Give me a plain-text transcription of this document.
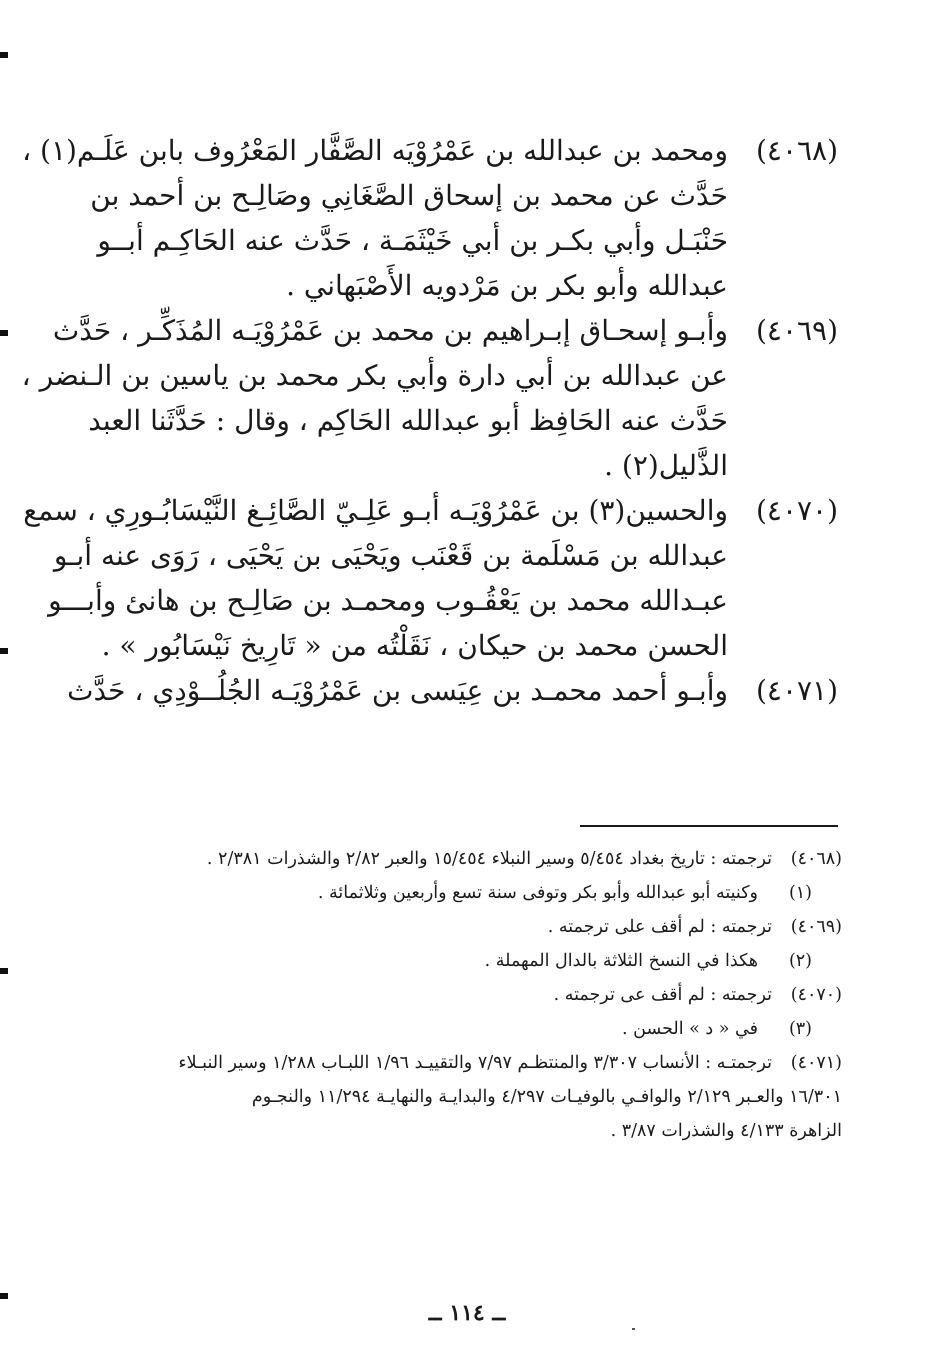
(٤٠٦٨)
ومحمد بن عبدالله بن عَمْرُوْيَه الصَّفَّار المَعْرُوف بابن عَلَـم(١) ،
حَدَّث عن محمد بن إسحاق الصَّغَانِي وصَالِـح بن أحمد بن
حَنْبَـل وأبي بكـر بن أبي خَيْثَمَـة ، حَدَّث عنه الحَاكِـم أبــو
عبدالله وأبو بكر بن مَرْدويه الأَصْبَهاني .
(٤٠٦٩)
وأبـو إسحـاق إبـراهيم بن محمد بن عَمْرُوْيَـه المُذَكِّـر ، حَدَّث
عن عبدالله بن أبي دارة وأبي بكر محمد بن ياسين بن الـنضر ،
حَدَّث عنه الحَافِظ أبو عبدالله الحَاكِم ، وقال : حَدَّثَنا العبد
الذَّليل(٢) .
(٤٠٧٠)
والحسين(٣) بن عَمْرُوْيَـه أبـو عَلِـيّ الصَّائِـغ النَّيْسَابُـورِي ، سمع
عبدالله بن مَسْلَمة بن قَعْنَب ويَحْيَى بن يَحْيَى ، رَوَى عنه أبـو
عبـدالله محمد بن يَعْقُـوب ومحمـد بن صَالِـح بن هانئ وأبـــو
الحسن محمد بن حيكان ، نَقَلْتُه من « تَارِيخ نَيْسَابُور » .
(٤٠٧١)
وأبـو أحمد محمـد بن عِيَسى بن عَمْرُوْيَـه الجُلُــوْدِي ، حَدَّث
(٤٠٦٨)
ترجمته : تاريخ بغداد ٥/٤٥٤ وسير النبلاء ١٥/٤٥٤ والعبر ٢/٨٢ والشذرات ٢/٣٨١ .
(١)
وكنيته أبو عبدالله وأبو بكر وتوفى سنة تسع وأربعين وثلاثمائة .
(٤٠٦٩)
ترجمته : لم أقف على ترجمته .
(٢)
هكذا في النسخ الثلاثة بالدال المهملة .
(٤٠٧٠)
ترجمته : لم أقف عى ترجمته .
(٣)
في « د » الحسن .
(٤٠٧١)
ترجمتـه : الأنساب ٣/٣٠٧ والمنتظـم ٧/٩٧ والتقييـد ١/٩٦ اللبـاب ١/٢٨٨ وسير النبـلاء
١٦/٣٠١ والعـبر ٢/١٢٩ والوافـي بالوفيـات ٤/٢٩٧ والبدايـة والنهايـة ١١/٢٩٤ والنجـوم
الزاهرة ٤/١٣٣ والشذرات ٣/٨٧ .
ــ ١١٤ ــ
